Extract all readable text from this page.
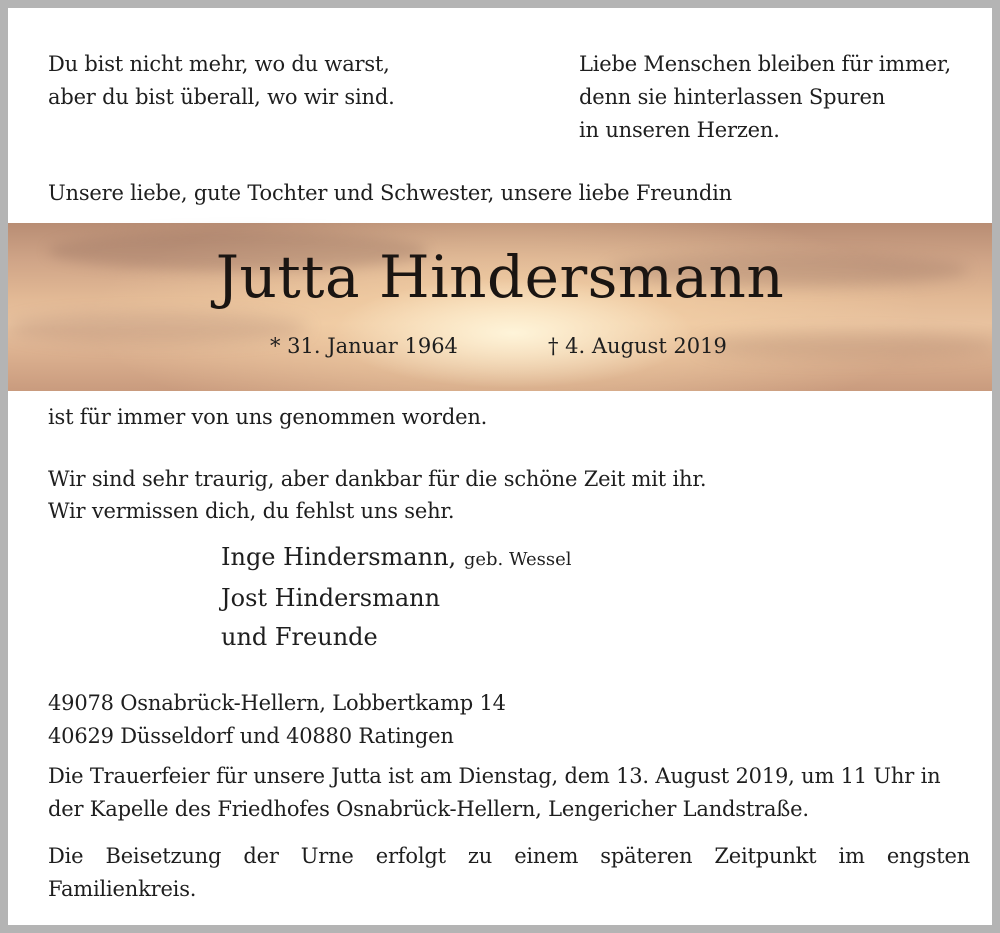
Du bist nicht mehr, wo du warst,
aber du bist überall, wo wir sind.
Liebe Menschen bleiben für immer,
denn sie hinterlassen Spuren
in unseren Herzen.
Unsere liebe, gute Tochter und Schwester, unsere liebe Freundin
Jutta Hindersmann
* 31. Januar 1964	† 4. August 2019
ist für immer von uns genommen worden.
Wir sind sehr traurig, aber dankbar für die schöne Zeit mit ihr.
Wir vermissen dich, du fehlst uns sehr.
Inge Hindersmann, geb. Wessel
Jost Hindersmann
und Freunde
49078 Osnabrück-Hellern, Lobbertkamp 14
40629 Düsseldorf und 40880 Ratingen
Die Trauerfeier für unsere Jutta ist am Dienstag, dem 13. August 2019, um 11 Uhr in
der Kapelle des Friedhofes Osnabrück-Hellern, Lengericher Landstraße.
Die Beisetzung der Urne erfolgt zu einem späteren Zeitpunkt im engsten
Familienkreis.
